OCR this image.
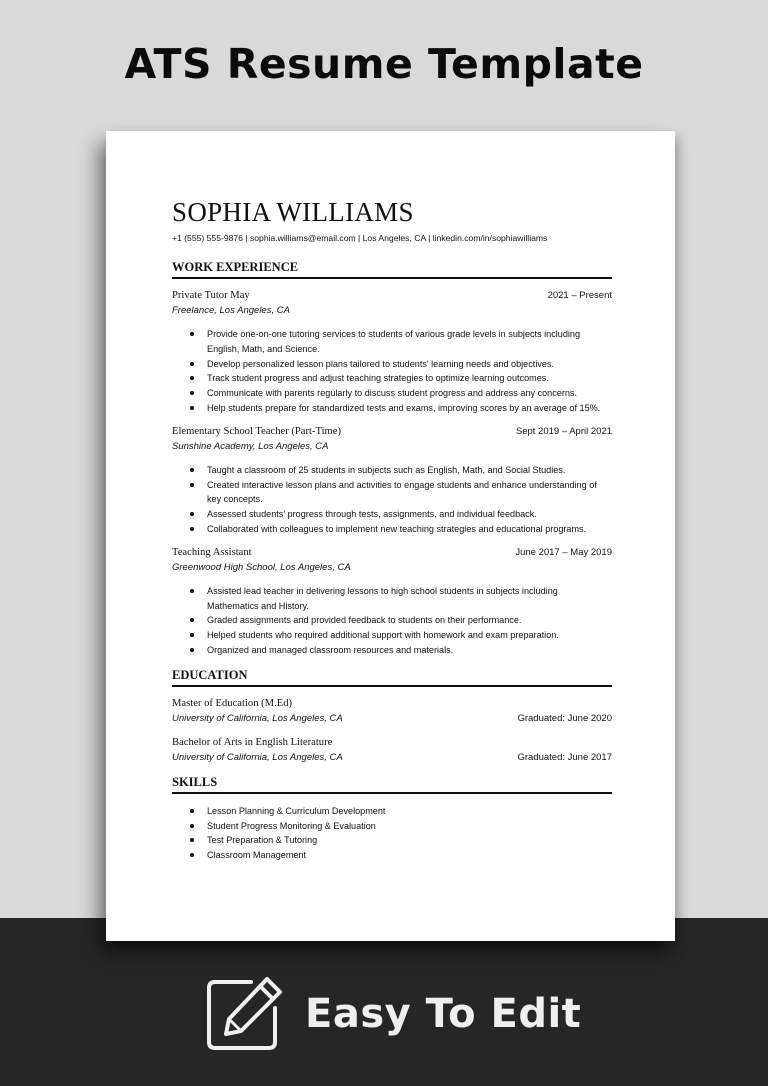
ATS Resume Template
SOPHIA WILLIAMS
+1 (555) 555-9876 | sophia.williams@email.com | Los Angeles, CA | linkedin.com/in/sophiawilliams
WORK EXPERIENCE
Private Tutor May	2021 – Present
Freelance, Los Angeles, CA
Provide one-on-one tutoring services to students of various grade levels in subjects including
English, Math, and Science.
Develop personalized lesson plans tailored to students' learning needs and objectives.
Track student progress and adjust teaching strategies to optimize learning outcomes.
Communicate with parents regularly to discuss student progress and address any concerns.
Help students prepare for standardized tests and exams, improving scores by an average of 15%.
Elementary School Teacher (Part-Time)	Sept 2019 – April 2021
Sunshine Academy, Los Angeles, CA
Taught a classroom of 25 students in subjects such as English, Math, and Social Studies.
Created interactive lesson plans and activities to engage students and enhance understanding of
key concepts.
Assessed students' progress through tests, assignments, and individual feedback.
Collaborated with colleagues to implement new teaching strategies and educational programs.
Teaching Assistant	June 2017 – May 2019
Greenwood High School, Los Angeles, CA
Assisted lead teacher in delivering lessons to high school students in subjects including
Mathematics and History.
Graded assignments and provided feedback to students on their performance.
Helped students who required additional support with homework and exam preparation.
Organized and managed classroom resources and materials.
EDUCATION
Master of Education (M.Ed)
University of California, Los Angeles, CA	Graduated: June 2020
Bachelor of Arts in English Literature
University of California, Los Angeles, CA	Graduated: June 2017
SKILLS
Lesson Planning & Curriculum Development
Student Progress Monitoring & Evaluation
Test Preparation & Tutoring
Classroom Management
Easy To Edit
